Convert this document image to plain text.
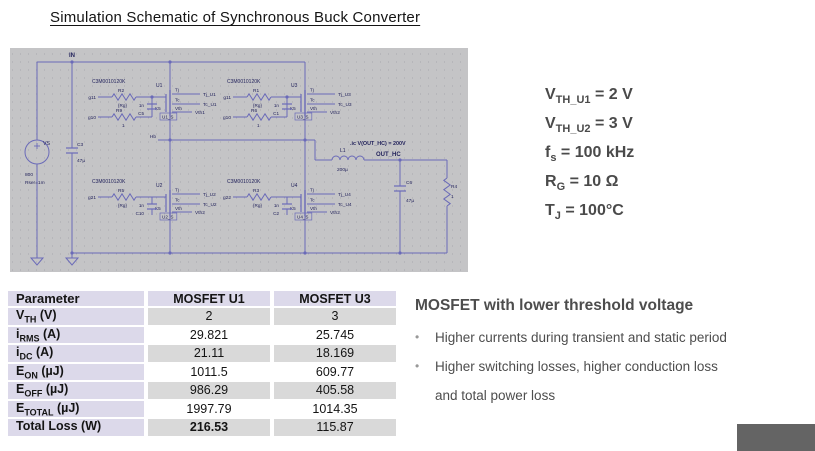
Simulation Schematic of Synchronous Buck Converter
VS
800
Rser=1m
C3
47µ
IN
Hb
L1
200µ
.ic V(OUT_HC) = 200V
OUT_HC
C6
47µ
R4
1
C3M0010120K
U1
K5
R2
{Rg}
g11
R9
1
g10
1n
C5
U1_S
Tj
Tj_U1
Tc
Tc_U1
Vth
Vth1
C3M0010120K
U3
K5
R1
{Rg}
g11
R6
1
g10
1n
C1
U3_S
Tj
Tj_U3
Tc
Tc_U3
Vth
Vth2
C3M0010120K
U2
K5
R5
{Rg}
g21
1n
C10
U2_S
Tj
Tj_U2
Tc
Tc_U2
Vth
Vth2
C3M0010120K
U4
K5
R3
{Rg}
g22
1n
C2
U4_S
Tj
Tj_U4
Tc
Tc_U4
Vth
Vth2
$V_{TH\_U1} = 2$ V
$V_{TH\_U2} = 3$ V
$f_s = 100$ kHz
$R_G = 10$ Ω
$T_J = 100^\circ C$
Parameter	MOSFET U1	MOSFET U3
$V_{TH}$ (V)	2	3
$i_{RMS}$ (A)	29.821	25.745
$i_{DC}$ (A)	21.11	18.169
$E_{ON}$ (µJ)	1011.5	609.77
$E_{OFF}$ (µJ)	986.29	405.58
$E_{TOTAL}$ (µJ)	1997.79	1014.35
Total Loss (W)	216.53	115.87
MOSFET with lower threshold voltage
•	Higher currents during transient and static period
•	Higher switching losses, higher conduction loss
and total power loss
